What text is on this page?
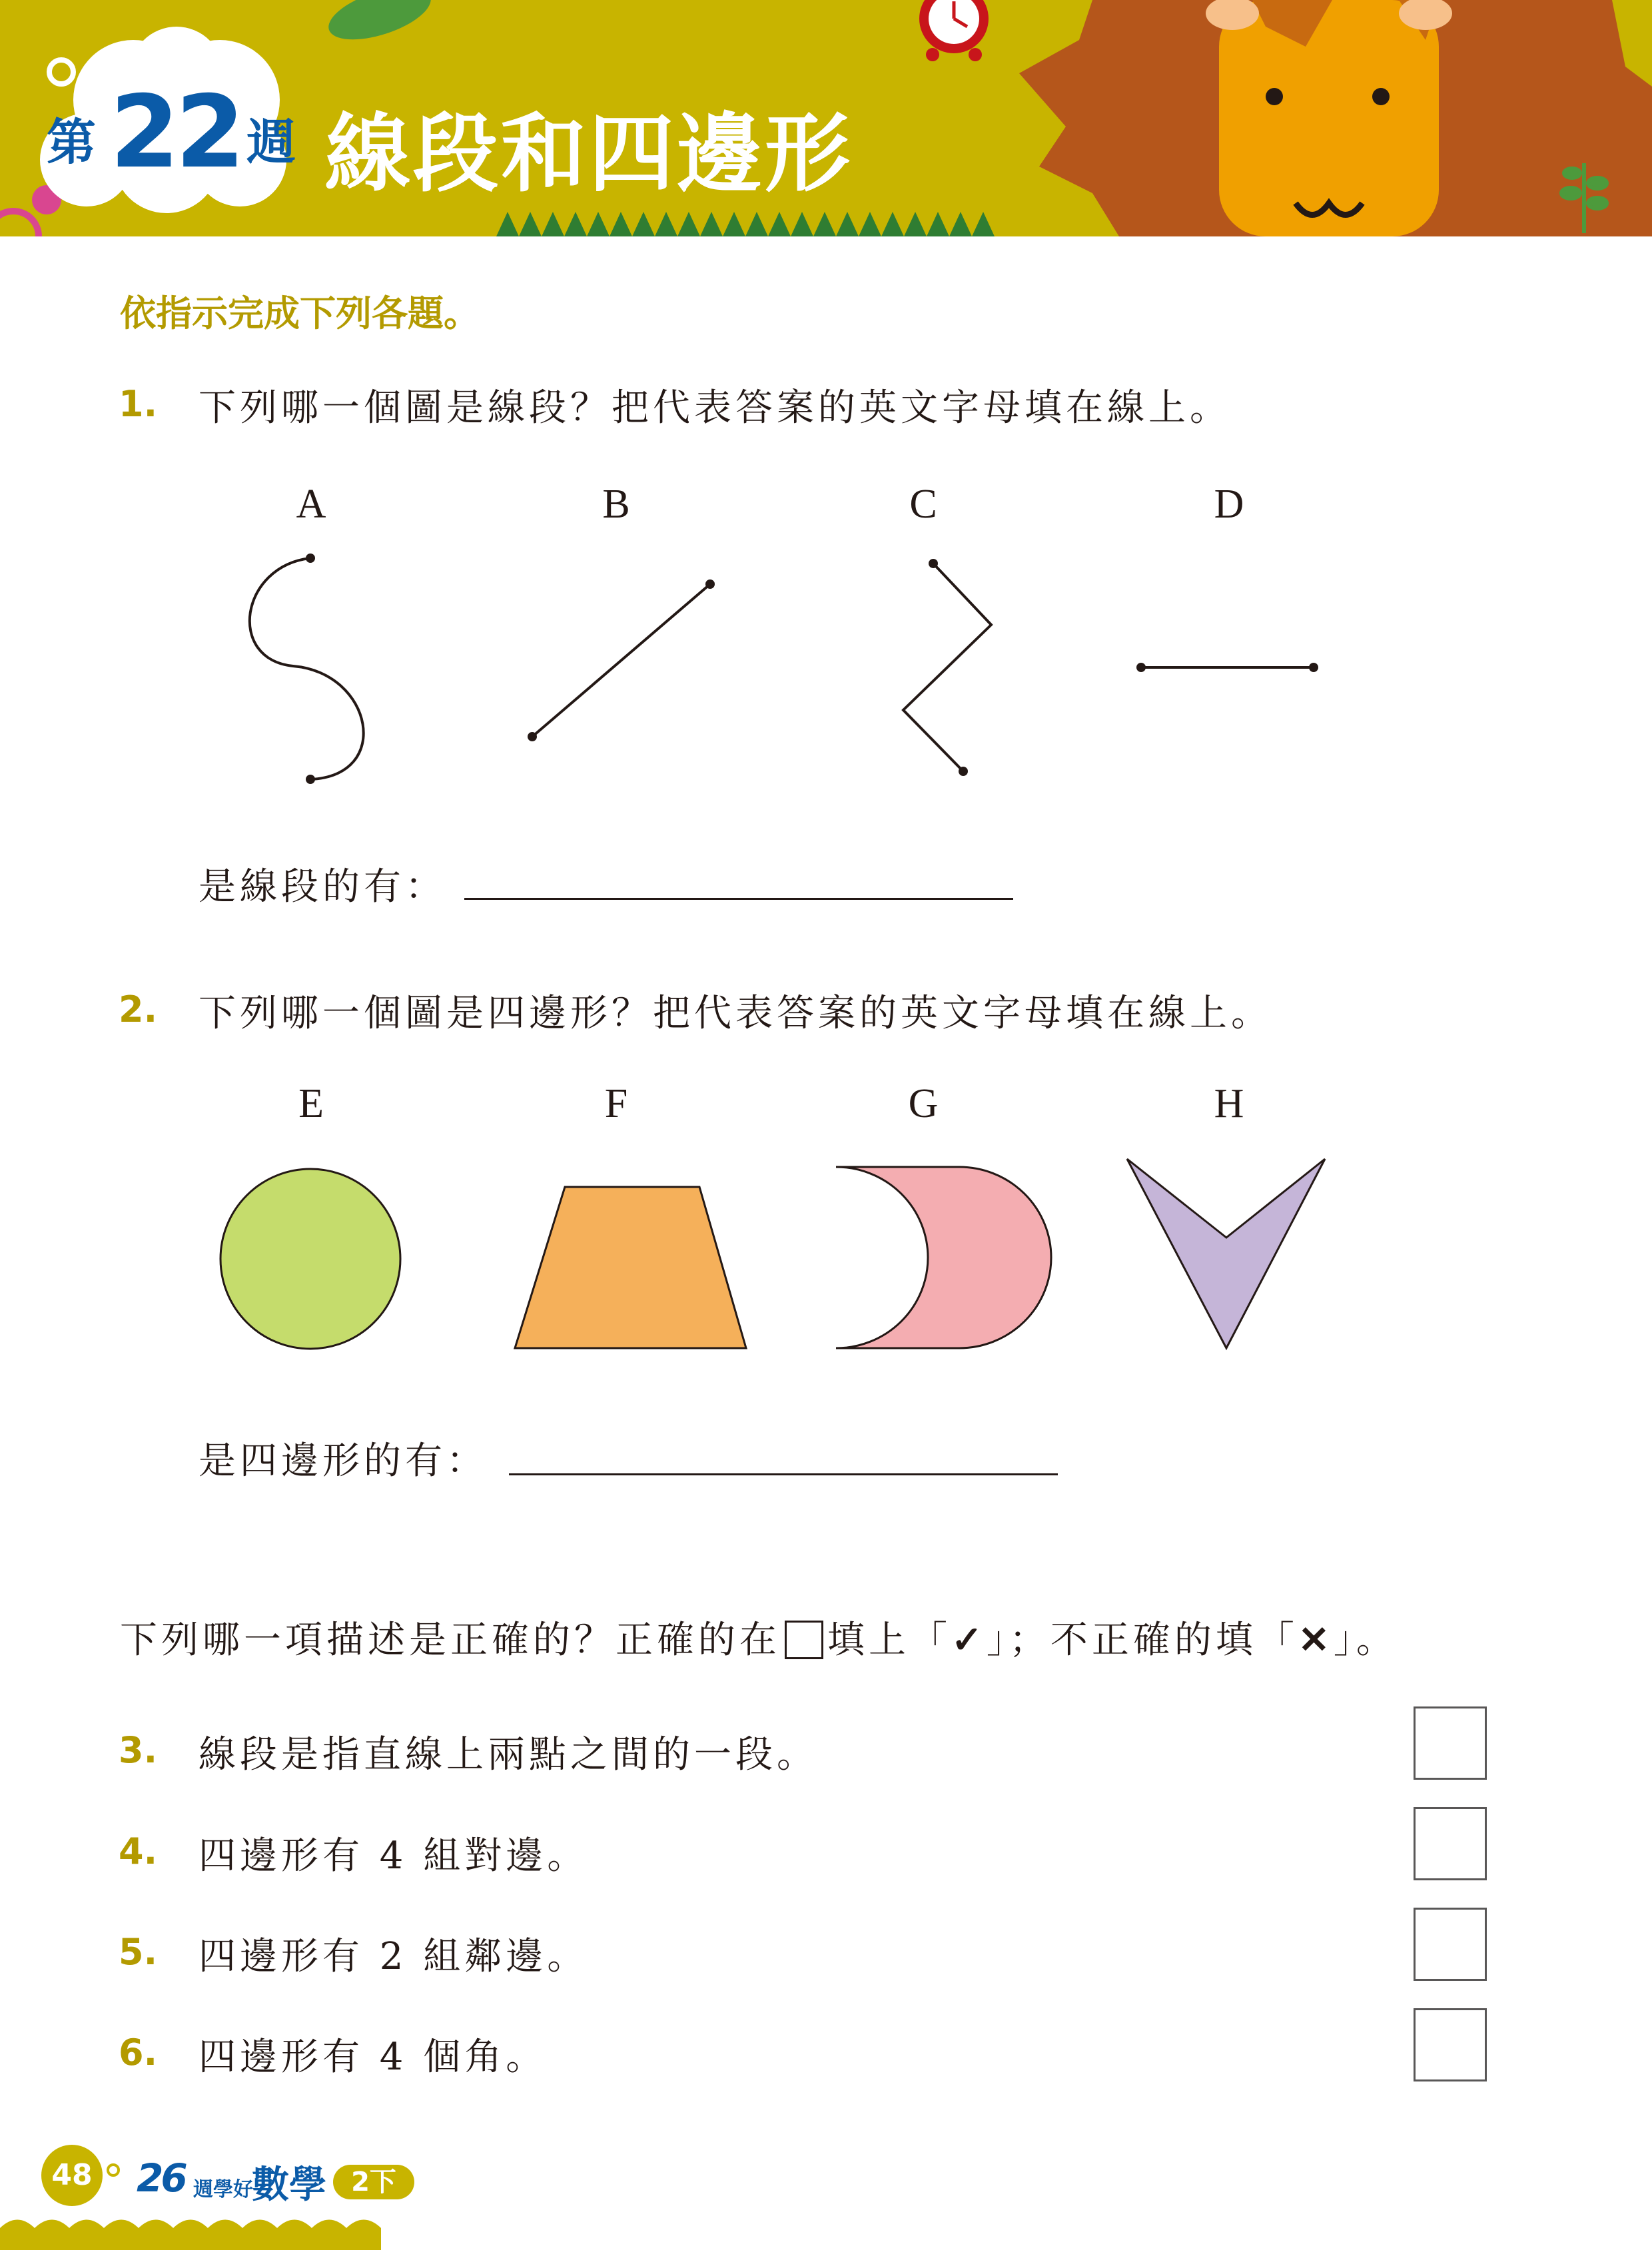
第 22 週 線段和四邊形
依指示完成下列各題。
1. 下列哪一個圖是線段？把代表答案的英文字母填在線上。
A	B	C	D
是線段的有：
2. 下列哪一個圖是四邊形？把代表答案的英文字母填在線上。
E	F	G	H
是四邊形的有：
下列哪一項描述是正確的？正確的在 填上「✓」；不正確的填「✕」。
3. 線段是指直線上兩點之間的一段。
4. 四邊形有 4 組對邊。
5. 四邊形有 2 組鄰邊。
6. 四邊形有 4 個角。
48 26 週學好
數學 2下
